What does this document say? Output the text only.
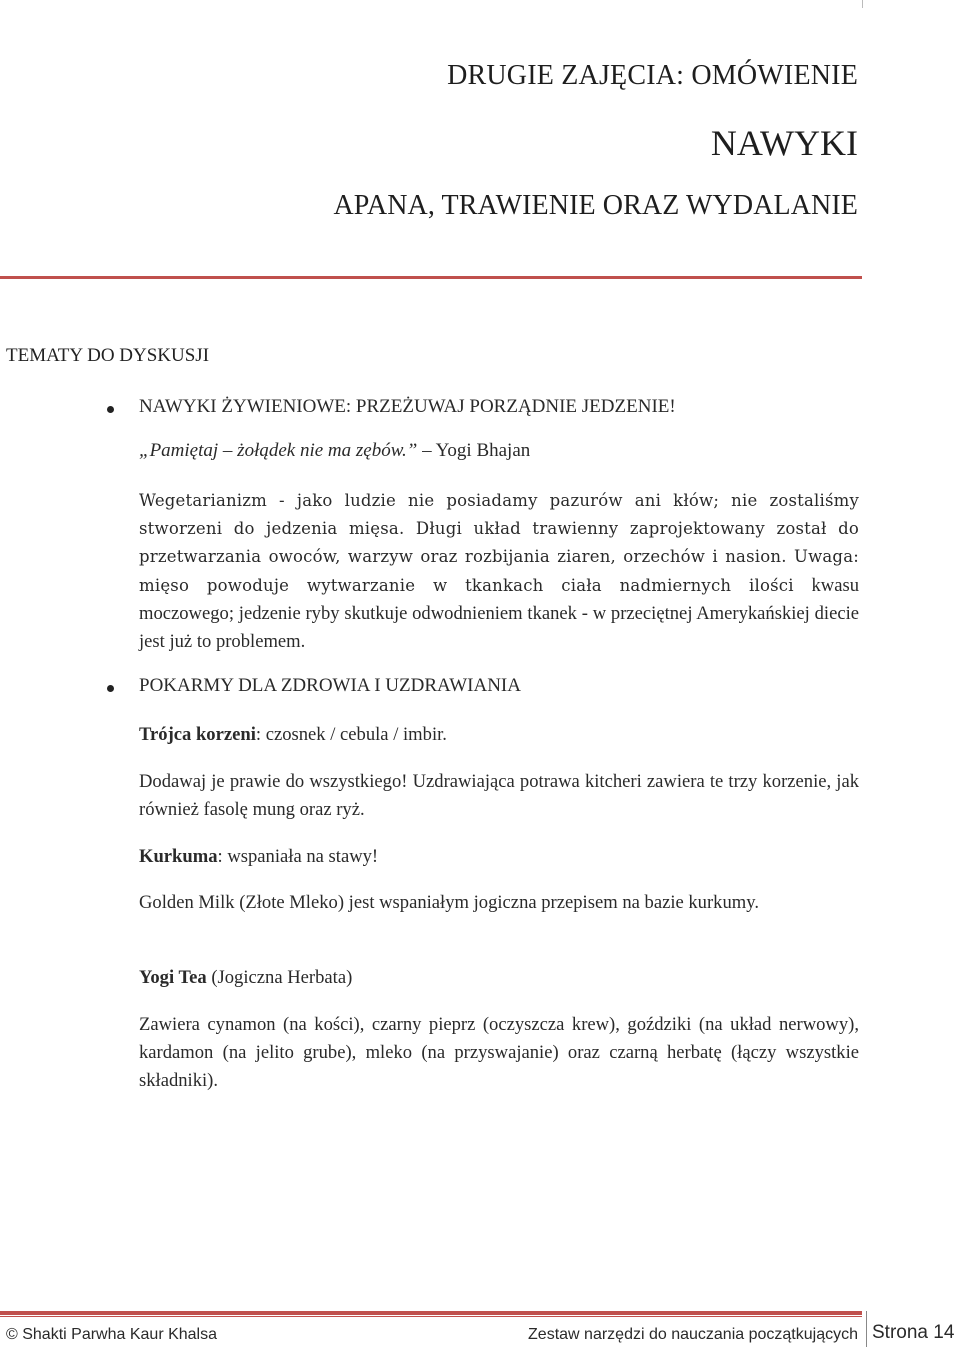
DRUGIE ZAJĘCIA: OMÓWIENIE
NAWYKI
APANA, TRAWIENIE ORAZ WYDALANIE
TEMATY DO DYSKUSJI
NAWYKI ŻYWIENIOWE: PRZEŻUWAJ PORZĄDNIE JEDZENIE!
„Pamiętaj – żołądek nie ma zębów.” – Yogi Bhajan
Wegetarianizm - jako ludzie nie posiadamy pazurów ani kłów; nie zostaliśmy stworzeni do jedzenia mięsa. Długi układ trawienny zaprojektowany został do przetwarzania owoców, warzyw oraz rozbijania ziaren, orzechów i nasion. Uwaga: mięso powoduje wytwarzanie w tkankach ciała nadmiernych ilości kwasu moczowego; jedzenie ryby skutkuje odwodnieniem tkanek - w przeciętnej Amerykańskiej diecie jest już to problemem.
POKARMY DLA ZDROWIA I UZDRAWIANIA
Trójca korzeni: czosnek / cebula / imbir.
Dodawaj je prawie do wszystkiego! Uzdrawiająca potrawa kitcheri zawiera te trzy korzenie, jak również fasolę mung oraz ryż.
Kurkuma: wspaniała na stawy!
Golden Milk (Złote Mleko) jest wspaniałym jogiczna przepisem na bazie kurkumy.
Yogi Tea (Jogiczna Herbata)
Zawiera cynamon (na kości), czarny pieprz (oczyszcza krew), goździki (na układ nerwowy), kardamon (na jelito grube), mleko (na przyswajanie) oraz czarną herbatę (łączy wszystkie składniki).
© Shakti Parwha Kaur Khalsa	Zestaw narzędzi do nauczania początkujących Strona 14
